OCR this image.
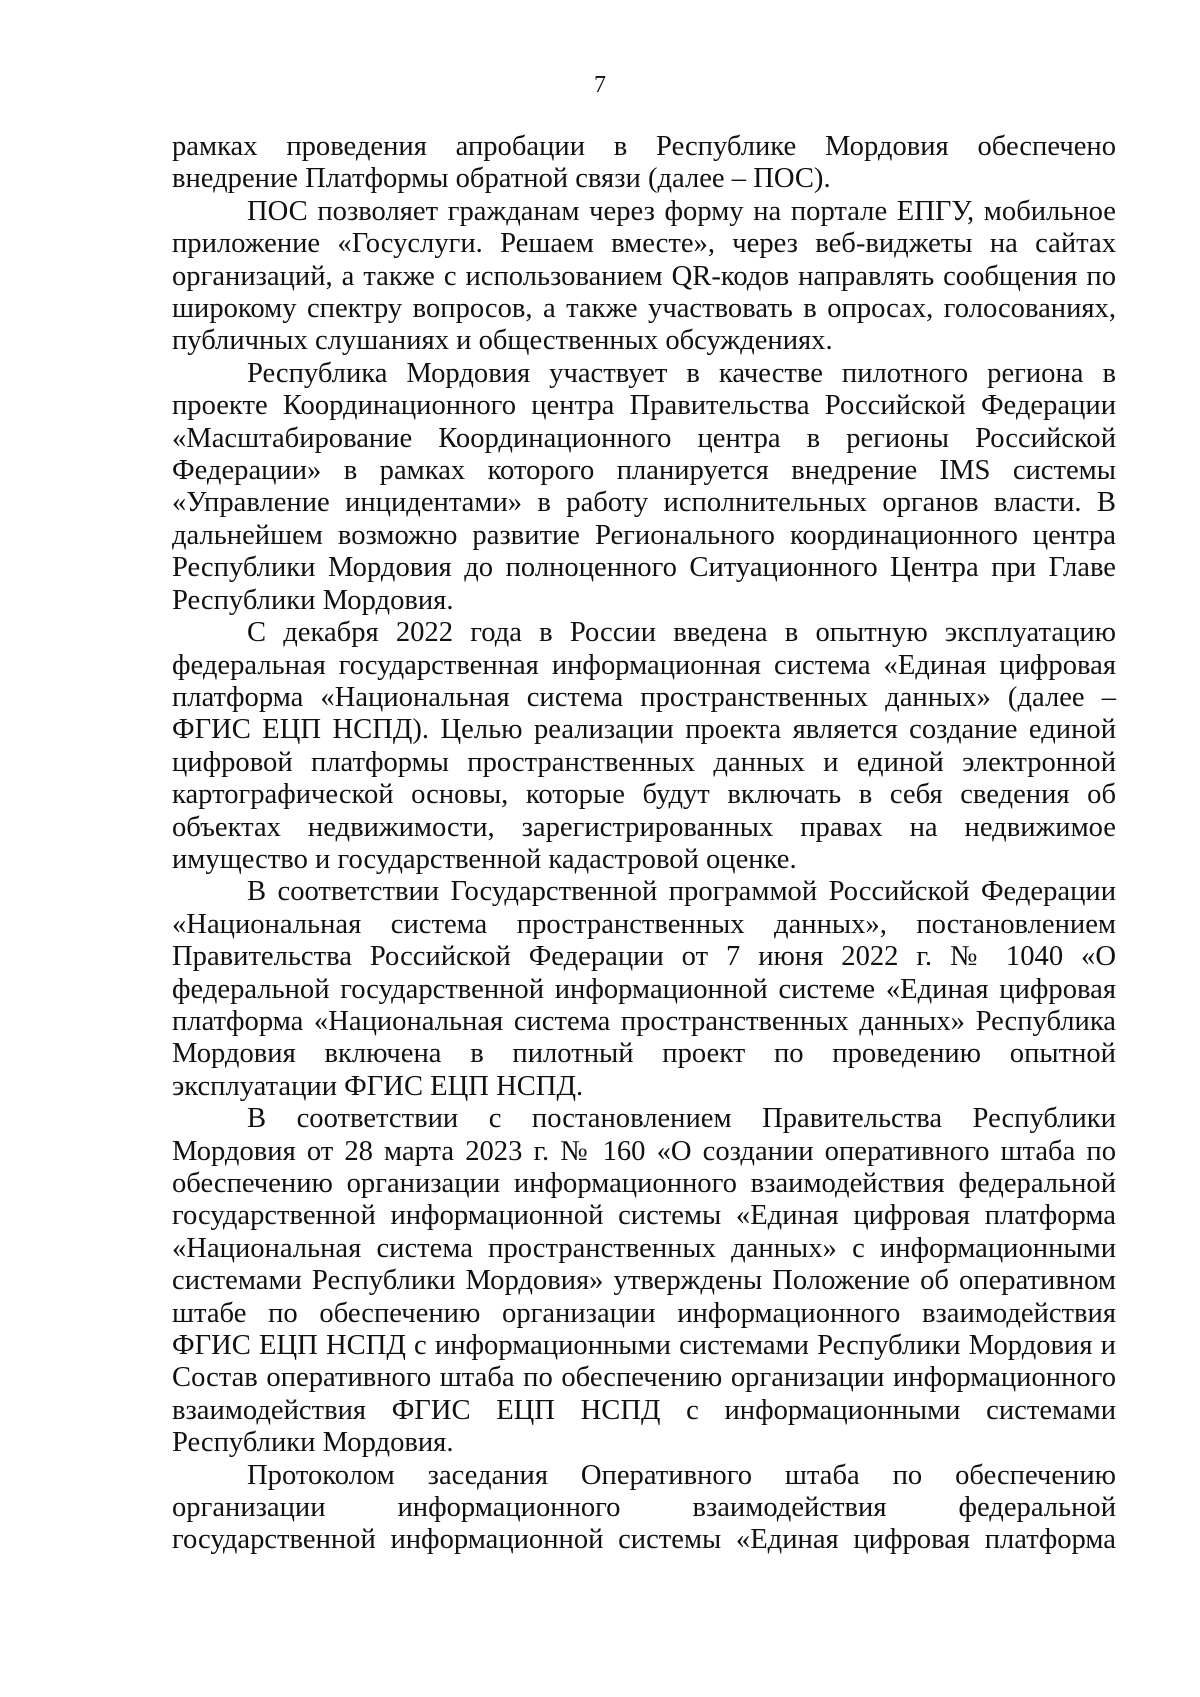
7

рамках проведения апробации в Республике Мордовия обеспечено внедрение Платформы обратной связи (далее – ПОС).

ПОС позволяет гражданам через форму на портале ЕПГУ, мобильное приложение «Госуслуги. Решаем вместе», через веб-виджеты на сайтах организаций, а также с использованием QR-кодов направлять сообщения по широкому спектру вопросов, а также участвовать в опросах, голосованиях, публичных слушаниях и общественных обсуждениях.

Республика Мордовия участвует в качестве пилотного региона в проекте Координационного центра Правительства Российской Федерации «Масштабирование Координационного центра в регионы Российской Федерации» в рамках которого планируется внедрение IMS системы «Управление инцидентами» в работу исполнительных органов власти. В дальнейшем возможно развитие Регионального координационного центра Республики Мордовия до полноценного Ситуационного Центра при Главе Республики Мордовия.

С декабря 2022 года в России введена в опытную эксплуатацию федеральная государственная информационная система «Единая цифровая платформа «Национальная система пространственных данных» (далее – ФГИС ЕЦП НСПД). Целью реализации проекта является создание единой цифровой платформы пространственных данных и единой электронной картографической основы, которые будут включать в себя сведения об объектах недвижимости, зарегистрированных правах на недвижимое имущество и государственной кадастровой оценке.

В соответствии Государственной программой Российской Федерации «Национальная система пространственных данных», постановлением Правительства Российской Федерации от 7 июня 2022 г. № 1040 «О федеральной государственной информационной системе «Единая цифровая платформа «Национальная система пространственных данных» Республика Мордовия включена в пилотный проект по проведению опытной эксплуатации ФГИС ЕЦП НСПД.

В соответствии с постановлением Правительства Республики Мордовия от 28 марта 2023 г. № 160 «О создании оперативного штаба по обеспечению организации информационного взаимодействия федеральной государственной информационной системы «Единая цифровая платформа «Национальная система пространственных данных» с информационными системами Республики Мордовия» утверждены Положение об оперативном штабе по обеспечению организации информационного взаимодействия ФГИС ЕЦП НСПД с информационными системами Республики Мордовия и Состав оперативного штаба по обеспечению организации информационного взаимодействия ФГИС ЕЦП НСПД с информационными системами Республики Мордовия.

Протоколом заседания Оперативного штаба по обеспечению организации информационного взаимодействия федеральной государственной информационной системы «Единая цифровая платформа
